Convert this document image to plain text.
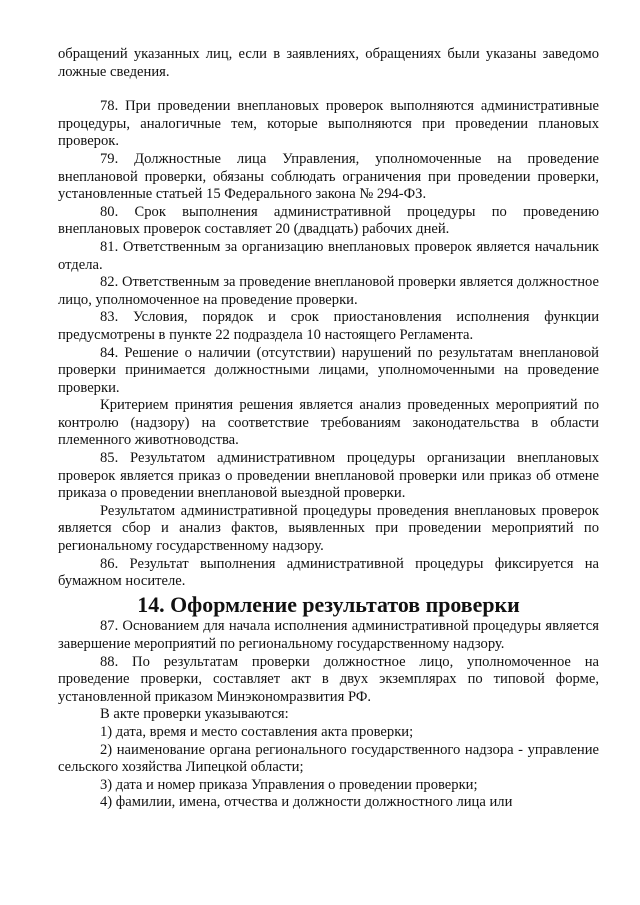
обращений указанных лиц, если в заявлениях, обращениях были указаны заведомо ложные сведения.

78. При проведении внеплановых проверок выполняются административные процедуры, аналогичные тем, которые выполняются при проведении плановых проверок.

79. Должностные лица Управления, уполномоченные на проведение внеплановой проверки, обязаны соблюдать ограничения при проведении проверки, установленные статьей 15 Федерального закона № 294-ФЗ.

80. Срок выполнения административной процедуры по проведению внеплановых проверок составляет 20 (двадцать) рабочих дней.

81. Ответственным за организацию внеплановых проверок является начальник отдела.

82. Ответственным за проведение внеплановой проверки является должностное лицо, уполномоченное на проведение проверки.

83. Условия, порядок и срок приостановления исполнения функции предусмотрены в пункте 22 подраздела 10 настоящего Регламента.

84. Решение о наличии (отсутствии) нарушений по результатам внеплановой проверки принимается должностными лицами, уполномоченными на проведение проверки.

Критерием принятия решения является анализ проведенных мероприятий по контролю (надзору) на соответствие требованиям законодательства в области племенного животноводства.

85. Результатом административном процедуры организации внеплановых проверок является приказ о проведении внеплановой проверки или приказ об отмене приказа о проведении внеплановой выездной проверки.

Результатом административной процедуры проведения внеплановых проверок является сбор и анализ фактов, выявленных при проведении мероприятий по региональному государственному надзору.

86. Результат выполнения административной процедуры фиксируется на бумажном носителе.

14. Оформление результатов проверки

87. Основанием для начала исполнения административной процедуры является завершение мероприятий по региональному государственному надзору.

88. По результатам проверки должностное лицо, уполномоченное на проведение проверки, составляет акт в двух экземплярах по типовой форме, установленной приказом Минэкономразвития РФ.

В акте проверки указываются:

1) дата, время и место составления акта проверки;

2) наименование органа регионального государственного надзора - управление сельского хозяйства Липецкой области;

3) дата и номер приказа Управления о проведении проверки;

4) фамилии, имена, отчества и должности должностного лица или
